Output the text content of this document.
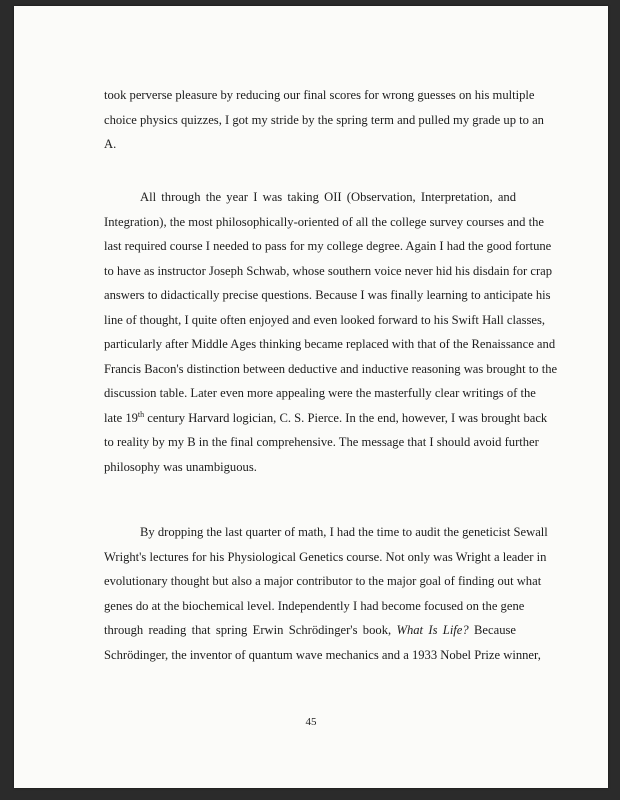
took perverse pleasure by reducing our final scores for wrong guesses on his multiple
choice physics quizzes, I got my stride by the spring term and pulled my grade up to an
A.

All through the year I was taking OII (Observation, Interpretation, and
Integration), the most philosophically-oriented of all the college survey courses and the
last required course I needed to pass for my college degree. Again I had the good fortune
to have as instructor Joseph Schwab, whose southern voice never hid his disdain for crap
answers to didactically precise questions. Because I was finally learning to anticipate his
line of thought, I quite often enjoyed and even looked forward to his Swift Hall classes,
particularly after Middle Ages thinking became replaced with that of the Renaissance and
Francis Bacon's distinction between deductive and inductive reasoning was brought to the
discussion table. Later even more appealing were the masterfully clear writings of the
late 19th century Harvard logician, C. S. Pierce. In the end, however, I was brought back
to reality by my B in the final comprehensive. The message that I should avoid further
philosophy was unambiguous.

By dropping the last quarter of math, I had the time to audit the geneticist Sewall
Wright's lectures for his Physiological Genetics course. Not only was Wright a leader in
evolutionary thought but also a major contributor to the major goal of finding out what
genes do at the biochemical level. Independently I had become focused on the gene
through reading that spring Erwin Schrödinger's book, What Is Life? Because
Schrödinger, the inventor of quantum wave mechanics and a 1933 Nobel Prize winner,

45
